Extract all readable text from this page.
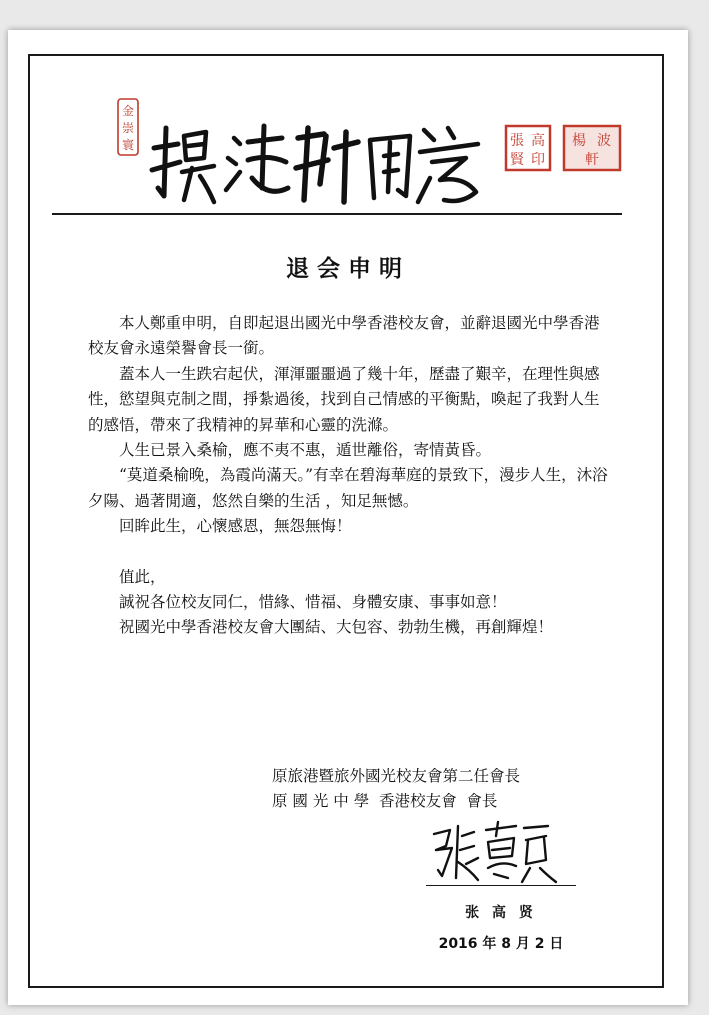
金
崇
寰	張 高
賢 印
楊 波
軒
退会申明

本人鄭重申明，自即起退出國光中學香港校友會，並辭退國光中學香港校友會永遠榮譽會長一銜。

蓋本人一生跌宕起伏，渾渾噩噩過了幾十年，歷盡了艱辛，在理性與感性，慾望與克制之間，掙紮過後，找到自己情感的平衡點，喚起了我對人生的感悟，帶來了我精神的昇華和心靈的洗滌。

人生已景入桑榆，應不夷不惠，遁世離俗，寄情黃昏。

“莫道桑榆晚，為霞尚滿天。”有幸在碧海華庭的景致下，漫步人生，沐浴夕陽、過著閒適，悠然自樂的生活 ，知足無憾。

回眸此生，心懷感恩，無怨無悔！

值此，

誠祝各位校友同仁，惜緣、惜福、身體安康、事事如意！

祝國光中學香港校友會大團結、大包容、勃勃生機，再創輝煌！

原旅港暨旅外國光校友會第二任會長
原 國 光 中 學  香港校友會  會長
张 高 贤
2016 年 8 月 2 日
